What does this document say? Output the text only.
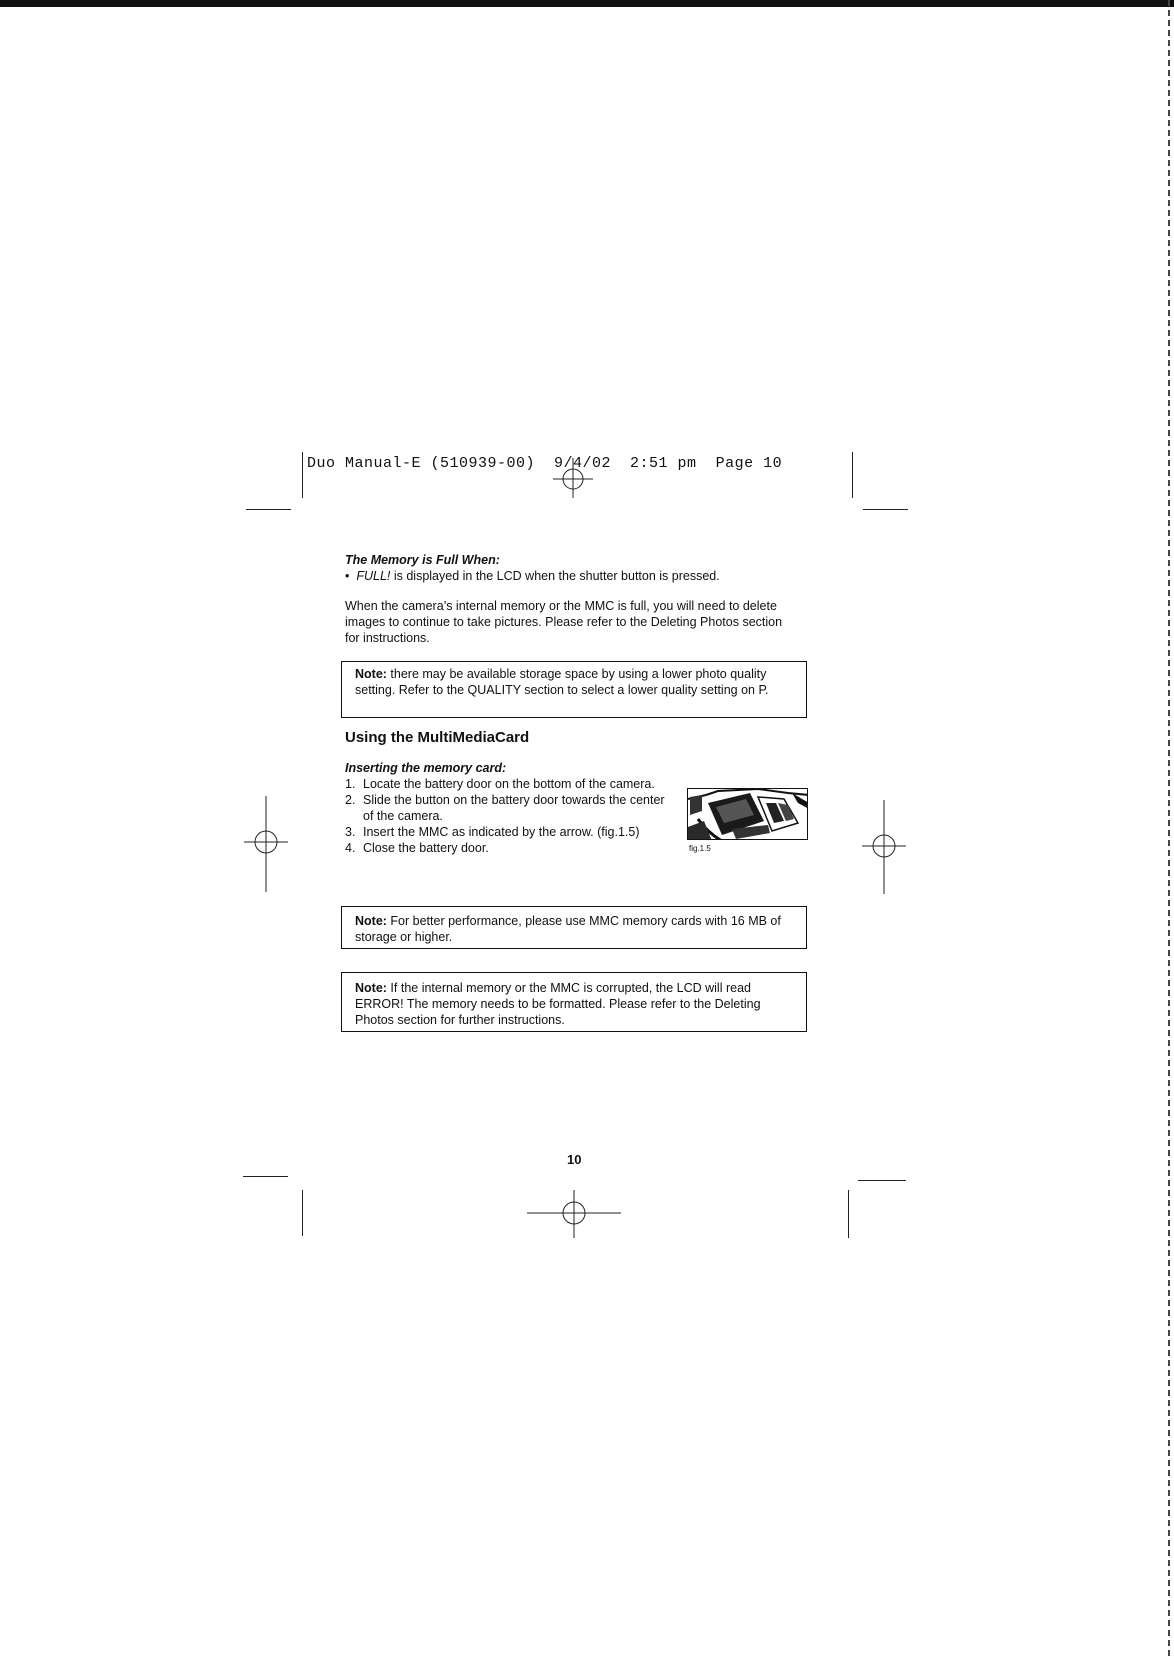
Duo Manual-E (510939-00)  9/4/02  2:51 pm  Page 10
The Memory is Full When:
•  FULL! is displayed in the LCD when the shutter button is pressed.
When the camera’s internal memory or the MMC is full, you will need to delete images to continue to take pictures. Please refer to the Deleting Photos section for instructions.
Note: there may be available storage space by using a lower photo quality setting. Refer to the QUALITY section to select a lower quality setting on P.
Using the MultiMediaCard
Inserting the memory card:
1. Locate the battery door on the bottom of the camera.
2. Slide the button on the battery door towards the center of the camera.
3. Insert the MMC as indicated by the arrow. (fig.1.5)
4. Close the battery door.	fig.1.5
Note: For better performance, please use MMC memory cards with 16 MB of storage or higher.
Note: If the internal memory or the MMC is corrupted, the LCD will read ERROR! The memory needs to be formatted. Please refer to the Deleting Photos section for further instructions.
10
